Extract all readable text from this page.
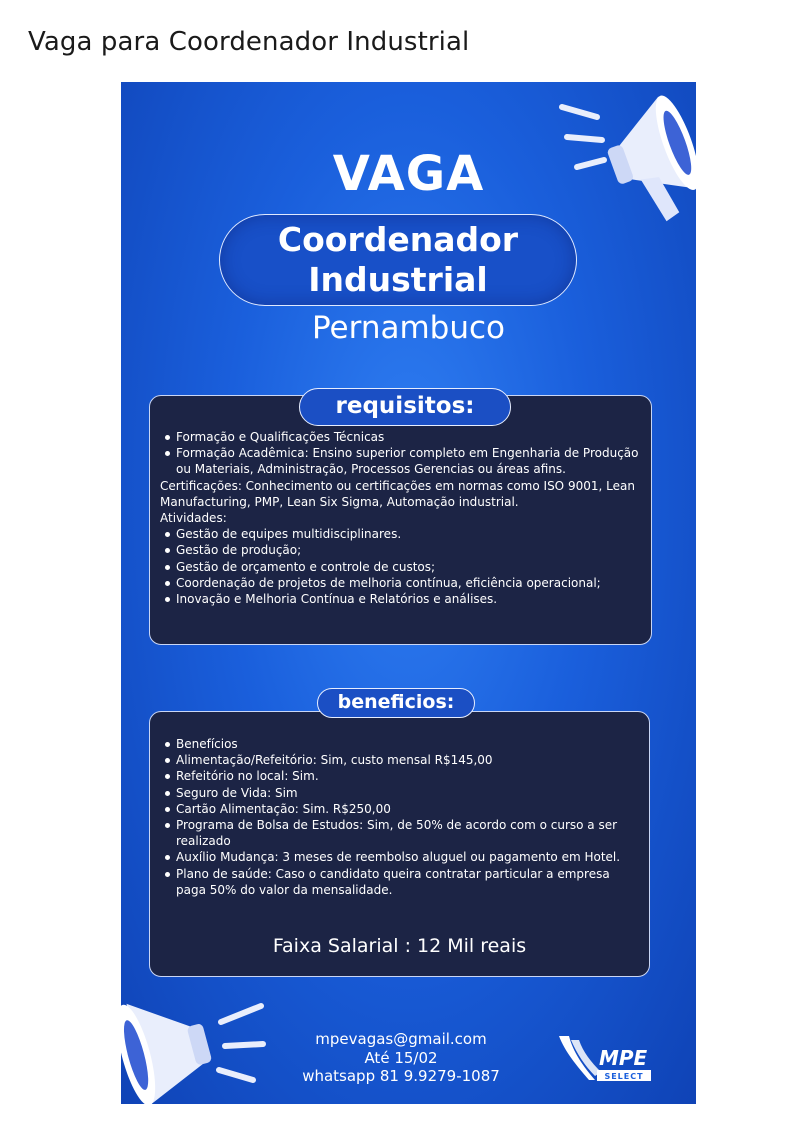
Vaga para Coordenador Industrial
VAGA
Coordenador
Industrial
Pernambuco
Formação e Qualificações Técnicas
Formação Acadêmica: Ensino superior completo em Engenharia de Produção ou Materiais, Administração, Processos Gerencias ou áreas afins.
Certificações: Conhecimento ou certificações em normas como ISO 9001, Lean Manufacturing, PMP, Lean Six Sigma, Automação industrial.
Atividades:
Gestão de equipes multidisciplinares.
Gestão de produção;
Gestão de orçamento e controle de custos;
Coordenação de projetos de melhoria contínua, eficiência operacional;
Inovação e Melhoria Contínua e Relatórios e análises.
requisitos:
Benefícios
Alimentação/Refeitório: Sim, custo mensal R$145,00
Refeitório no local: Sim.
Seguro de Vida: Sim
Cartão Alimentação: Sim. R$250,00
Programa de Bolsa de Estudos: Sim, de 50% de acordo com o curso a ser realizado
Auxílio Mudança: 3 meses de reembolso aluguel ou pagamento em Hotel.
Plano de saúde: Caso o candidato queira contratar particular a empresa paga 50% do valor da mensalidade.
Faixa Salarial : 12 Mil reais
beneficios:
mpevagas@gmail.com
Até 15/02
whatsapp 81 9.9279-1087
MPE
SELECT
